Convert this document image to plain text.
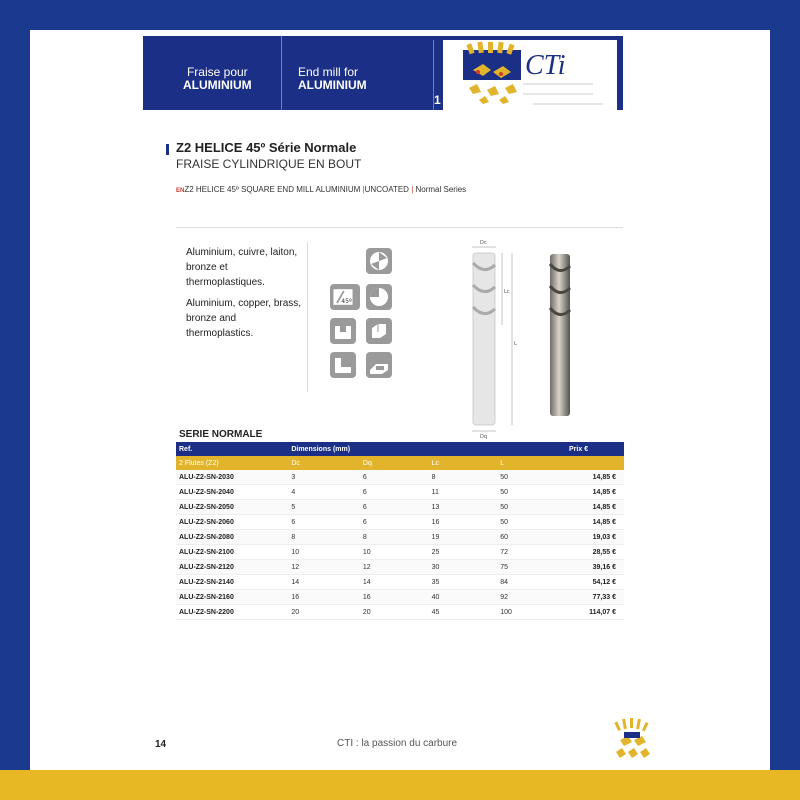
Fraise pour
ALUMINIUM
End mill for
ALUMINIUM
1
CTi
Z2 HELICE 45º Série Normale
FRAISE CYLINDRIQUE EN BOUT
ENZ2 HELICE 45º SQUARE END MILL ALUMINIUM |UNCOATED | Normal Series

Aluminium, cuivre, laiton, bronze et thermoplastiques.

Aluminium, copper, brass, bronze and thermoplastics.

45º
Dc
Lc
L
Dq
SERIE NORMALE
Ref.	Dimensions (mm)				Prix €
2 Flutes (Z2)	Dc	Dq	Lc	L	
ALU-Z2-SN-2030	3	6	8	50	14,85 €
ALU-Z2-SN-2040	4	6	11	50	14,85 €
ALU-Z2-SN-2050	5	6	13	50	14,85 €
ALU-Z2-SN-2060	6	6	16	50	14,85 €
ALU-Z2-SN-2080	8	8	19	60	19,03 €
ALU-Z2-SN-2100	10	10	25	72	28,55 €
ALU-Z2-SN-2120	12	12	30	75	39,16 €
ALU-Z2-SN-2140	14	14	35	84	54,12 €
ALU-Z2-SN-2160	16	16	40	92	77,33 €
ALU-Z2-SN-2200	20	20	45	100	114,07 €
14	CTI : la passion du carbure
